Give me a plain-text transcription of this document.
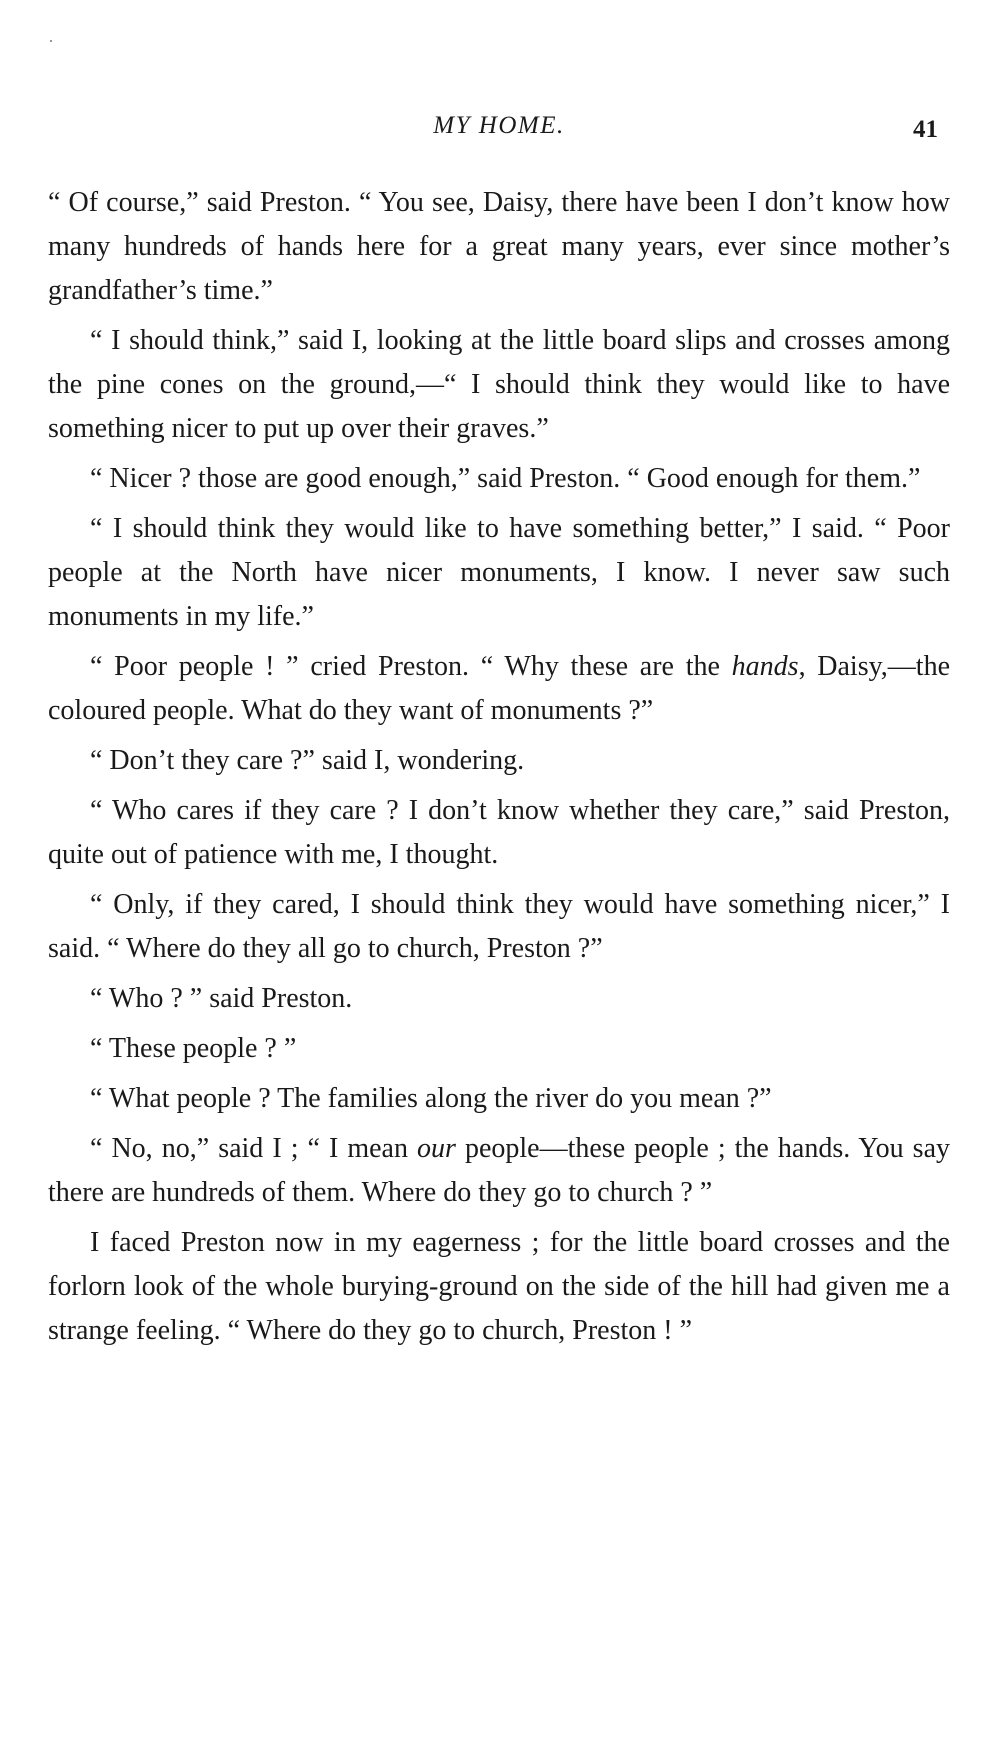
MY HOME.	41

“ Of course,” said Preston. “ You see, Daisy, there have been I don’t know how many hundreds of hands here for a great many years, ever since mother’s grandfather’s time.”

“ I should think,” said I, looking at the little board slips and crosses among the pine cones on the ground,—“ I should think they would like to have something nicer to put up over their graves.”

“ Nicer ? those are good enough,” said Preston. “ Good enough for them.”

“ I should think they would like to have something better,” I said. “ Poor people at the North have nicer monuments, I know. I never saw such monuments in my life.”

“ Poor people ! ” cried Preston. “ Why these are the hands, Daisy,—the coloured people. What do they want of monuments ?”

“ Don’t they care ?” said I, wondering.

“ Who cares if they care ? I don’t know whether they care,” said Preston, quite out of patience with me, I thought.

“ Only, if they cared, I should think they would have something nicer,” I said. “ Where do they all go to church, Preston ?”

“ Who ? ” said Preston.

“ These people ? ”

“ What people ? The families along the river do you mean ?”

“ No, no,” said I ; “ I mean our people—these people ; the hands. You say there are hundreds of them. Where do they go to church ? ”

I faced Preston now in my eagerness ; for the little board crosses and the forlorn look of the whole burying-ground on the side of the hill had given me a strange feeling. “ Where do they go to church, Preston ! ”
